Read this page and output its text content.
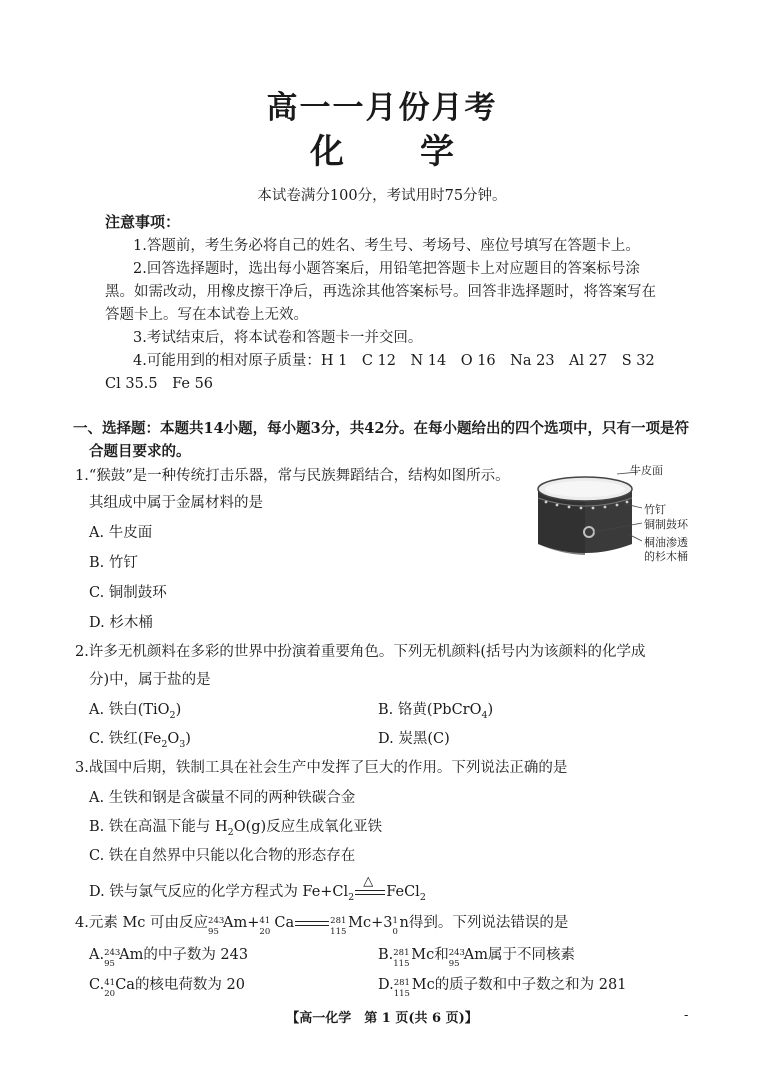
高一一月份月考
化 学
本试卷满分100分，考试用时75分钟。
注意事项：
1.答题前，考生务必将自己的姓名、考生号、考场号、座位号填写在答题卡上。
2.回答选择题时，选出每小题答案后，用铅笔把答题卡上对应题目的答案标号涂
黑。如需改动，用橡皮擦干净后，再选涂其他答案标号。回答非选择题时，将答案写在
答题卡上。写在本试卷上无效。
3.考试结束后，将本试卷和答题卡一并交回。
4.可能用到的相对原子质量：H 1　C 12　N 14　O 16　Na 23　Al 27　S 32
Cl 35.5　Fe 56
一、选择题：本题共14小题，每小题3分，共42分。在每小题给出的四个选项中，只有一项是符
合题目要求的。
1.“猴鼓”是一种传统打击乐器，常与民族舞蹈结合，结构如图所示。
其组成中属于金属材料的是
A. 牛皮面
B. 竹钉
C. 铜制鼓环
D. 杉木桶
牛皮面
竹钉
铜制鼓环
桐油渗透
的杉木桶
2.许多无机颜料在多彩的世界中扮演着重要角色。下列无机颜料(括号内为该颜料的化学成
分)中，属于盐的是
A. 铁白(TiO$_2$)	B. 铬黄(PbCrO$_4$)
C. 铁红$(Fe_2O_3)$	D. 炭黑(C)
3.战国中后期，铁制工具在社会生产中发挥了巨大的作用。下列说法正确的是
A. 生铁和钢是含碳量不同的两种铁碳合金
B. 铁在高温下能与 $H_2O(g)$反应生成氧化亚铁
C. 铁在自然界中只能以化合物的形态存在
D. 铁与氯气反应的化学方程式为 $Fe+Cl_2$
△
FeCl$_2$
4.元素 Mc 可由反应 243
95
Am+ 41
20
Ca	281
115
Mc+3 1
0
n得到。下列说法错误的是
A. 243
95
Am的中子数为 243	B. 281
115
Mc和 243
95
Am属于不同核素
C. 41
20
Ca的核电荷数为 20	D. 281
115
Mc的质子数和中子数之和为 281
【高一化学　第 1 页(共 6 页)】	-
